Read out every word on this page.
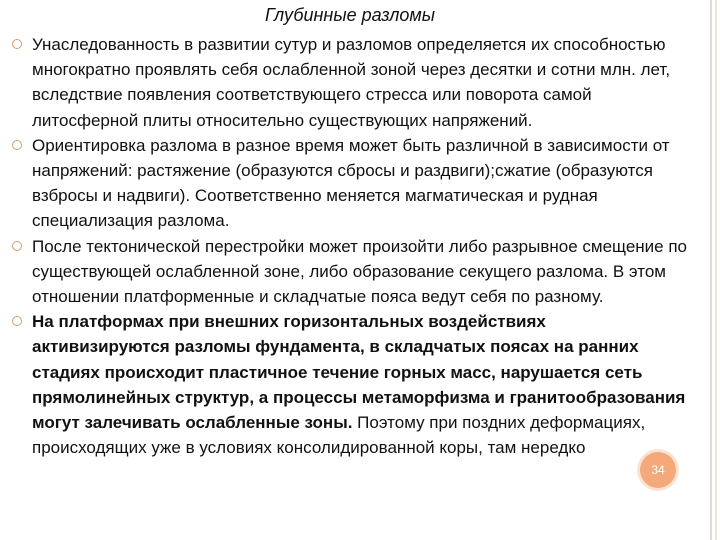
Глубинные разломы
Унаследованность в развитии сутур и разломов определяется их способностью многократно проявлять себя ослабленной зоной через десятки и сотни млн. лет, вследствие появления соответствующего стресса или поворота самой литосферной плиты относительно существующих напряжений.
Ориентировка разлома в разное время может быть различной в зависимости от напряжений: растяжение (образуются сбросы и раздвиги);сжатие (образуются взбросы и надвиги). Соответственно меняется магматическая и рудная специализация разлома.
После тектонической перестройки может произойти либо разрывное смещение по существующей ослабленной зоне, либо образование секущего разлома. В этом отношении платформенные и складчатые пояса ведут себя по разному.
На платформах при внешних горизонтальных воздействиях активизируются разломы фундамента, в складчатых поясах на ранних стадиях происходит пластичное течение горных масс, нарушается сеть прямолинейных структур, а процессы метаморфизма и гранитообразования могут залечивать ослабленные зоны. Поэтому при поздних деформациях, происходящих уже в условиях консолидированной коры, там нередко
34
